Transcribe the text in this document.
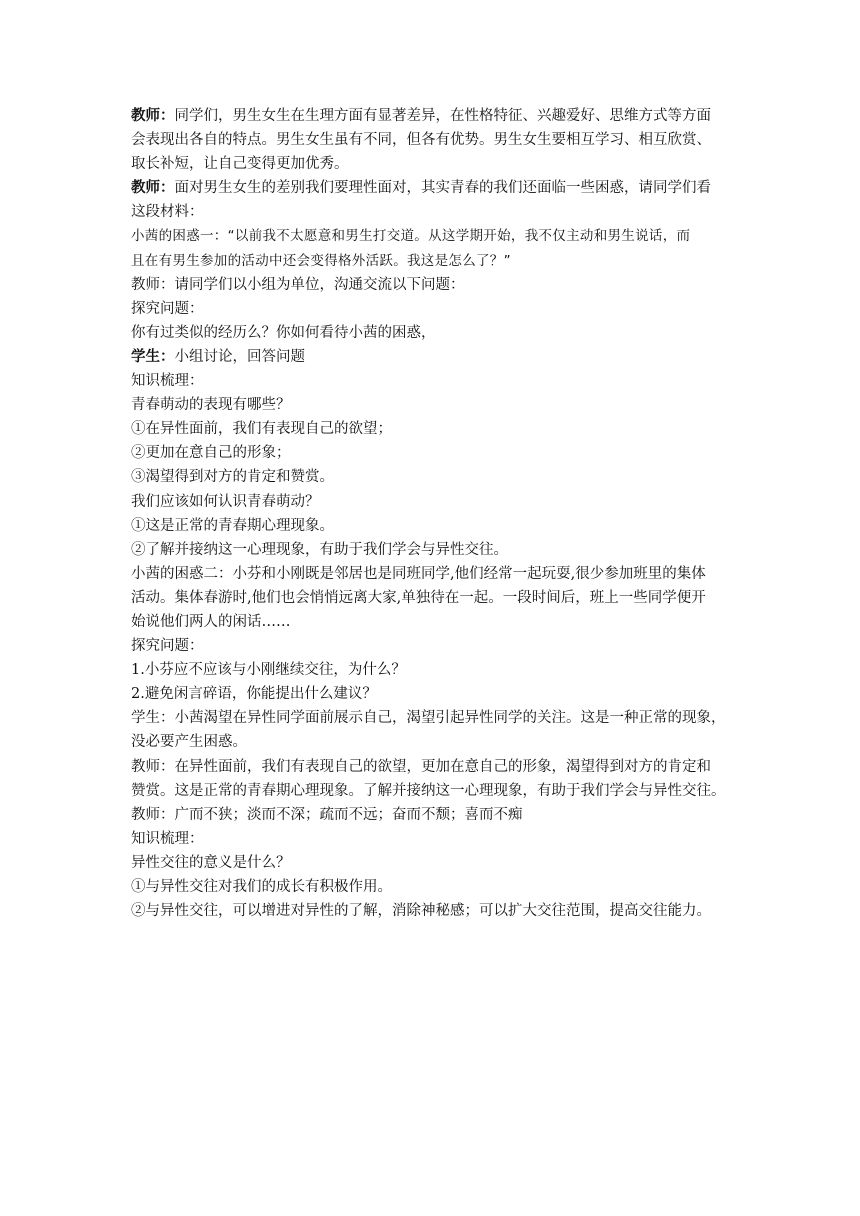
教师：同学们，男生女生在生理方面有显著差异，在性格特征、兴趣爱好、思维方式等方面
会表现出各自的特点。男生女生虽有不同，但各有优势。男生女生要相互学习、相互欣赏、
取长补短，让自己变得更加优秀。
教师：面对男生女生的差别我们要理性面对，其实青春的我们还面临一些困惑，请同学们看
这段材料：
小茜的困惑一：“以前我不太愿意和男生打交道。从这学期开始，我不仅主动和男生说话，而
且在有男生参加的活动中还会变得格外活跃。我这是怎么了？”
教师：请同学们以小组为单位，沟通交流以下问题：
探究问题：
你有过类似的经历么？你如何看待小茜的困惑，
学生：小组讨论，回答问题
知识梳理：
青春萌动的表现有哪些？
①在异性面前，我们有表现自己的欲望；
②更加在意自己的形象；
③渴望得到对方的肯定和赞赏。
我们应该如何认识青春萌动？
①这是正常的青春期心理现象。
②了解并接纳这一心理现象，有助于我们学会与异性交往。
小茜的困惑二：小芬和小刚既是邻居也是同班同学,他们经常一起玩耍,很少参加班里的集体
活动。集体春游时,他们也会悄悄远离大家,单独待在一起。一段时间后，班上一些同学便开
始说他们两人的闲话……
探究问题：
1.小芬应不应该与小刚继续交往，为什么？
2.避免闲言碎语，你能提出什么建议？
学生：小茜渴望在异性同学面前展示自己，渴望引起异性同学的关注。这是一种正常的现象，
没必要产生困惑。
教师：在异性面前，我们有表现自己的欲望，更加在意自己的形象，渴望得到对方的肯定和
赞赏。这是正常的青春期心理现象。了解并接纳这一心理现象，有助于我们学会与异性交往。
教师：广而不狭；淡而不深；疏而不远；奋而不颓；喜而不痴
知识梳理：
异性交往的意义是什么？
①与异性交往对我们的成长有积极作用。
②与异性交往，可以增进对异性的了解，消除神秘感；可以扩大交往范围，提高交往能力。
